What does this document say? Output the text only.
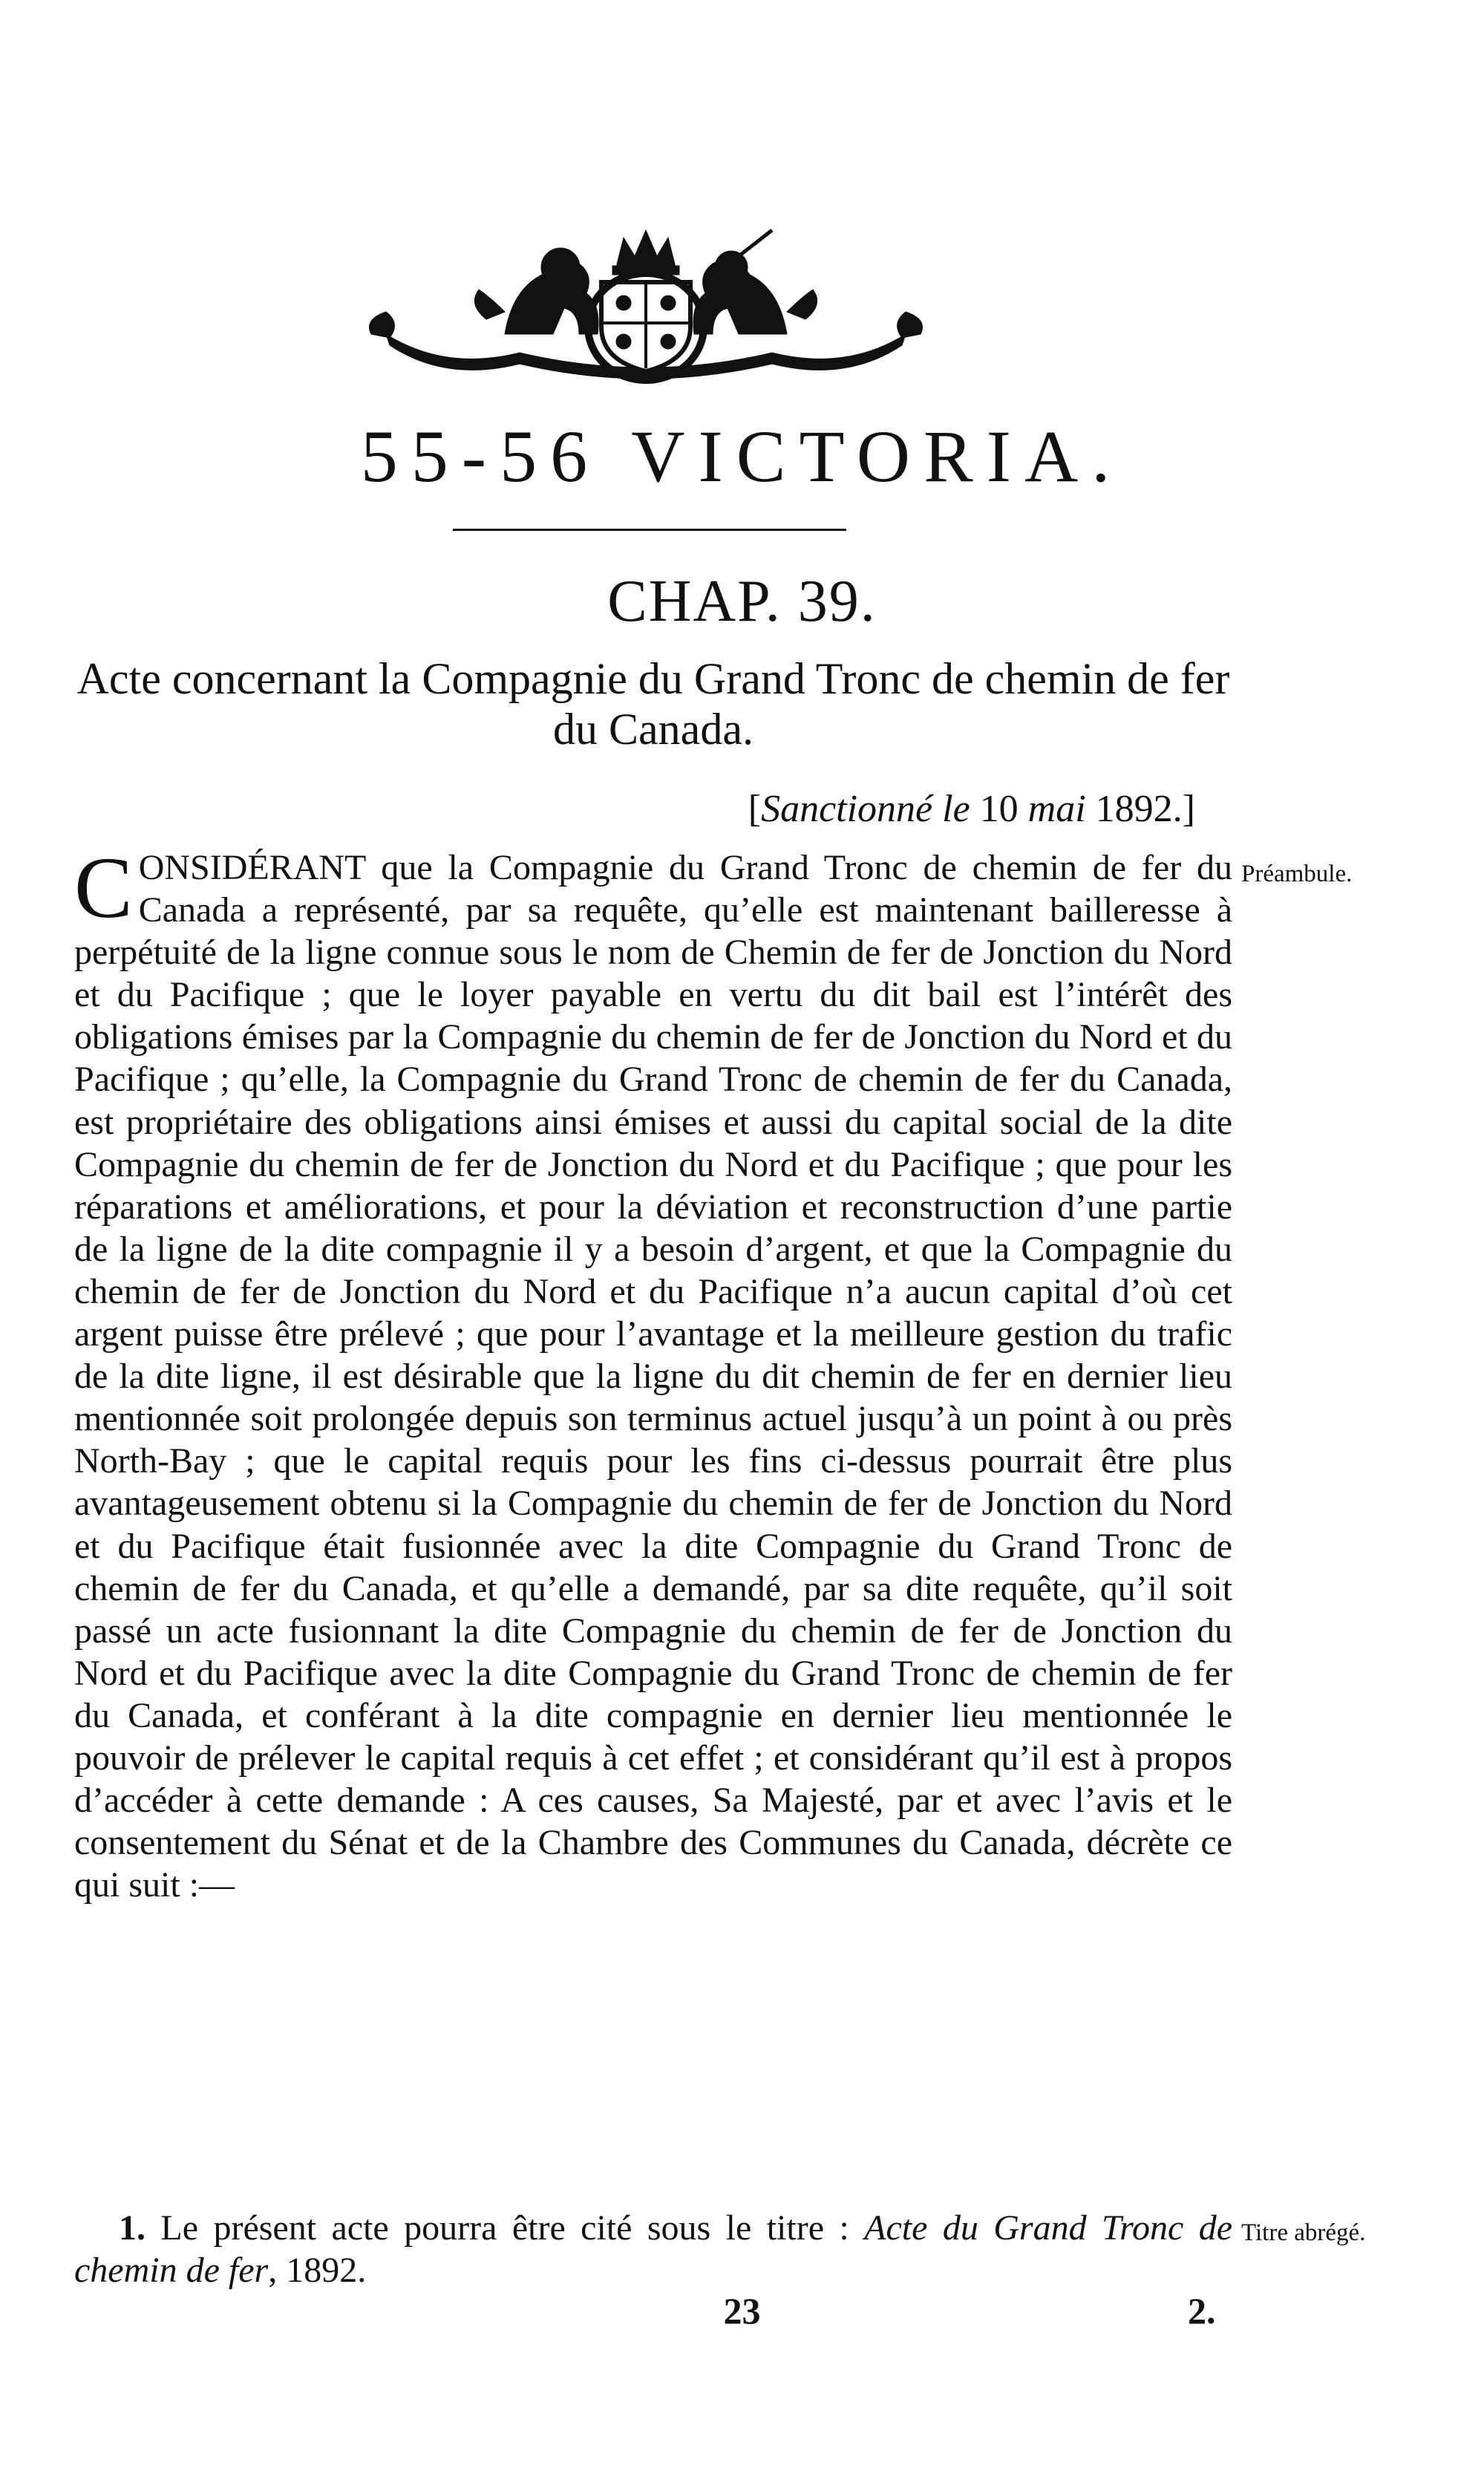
55-56 VICTORIA.
CHAP. 39.
Acte concernant la Compagnie du Grand Tronc de chemin de fer du Canada.
[Sanctionné le 10 mai 1892.]

CONSIDÉRANT que la Compagnie du Grand Tronc de chemin de fer du Canada a représenté, par sa requête, qu’elle est maintenant bailleresse à perpétuité de la ligne connue sous le nom de Chemin de fer de Jonction du Nord et du Pacifique ; que le loyer payable en vertu du dit bail est l’intérêt des obligations émises par la Compagnie du chemin de fer de Jonction du Nord et du Pacifique ; qu’elle, la Compagnie du Grand Tronc de chemin de fer du Canada, est propriétaire des obligations ainsi émises et aussi du capital social de la dite Compagnie du chemin de fer de Jonction du Nord et du Pacifique ; que pour les réparations et améliorations, et pour la déviation et reconstruction d’une partie de la ligne de la dite compagnie il y a besoin d’argent, et que la Compagnie du chemin de fer de Jonction du Nord et du Pacifique n’a aucun capital d’où cet argent puisse être prélevé ; que pour l’avantage et la meilleure gestion du trafic de la dite ligne, il est désirable que la ligne du dit chemin de fer en dernier lieu mentionnée soit prolongée depuis son terminus actuel jusqu’à un point à ou près North-Bay ; que le capital requis pour les fins ci-dessus pourrait être plus avantageusement obtenu si la Compagnie du chemin de fer de Jonction du Nord et du Pacifique était fusionnée avec la dite Compagnie du Grand Tronc de chemin de fer du Canada, et qu’elle a demandé, par sa dite requête, qu’il soit passé un acte fusionnant la dite Compagnie du chemin de fer de Jonction du Nord et du Pacifique avec la dite Compagnie du Grand Tronc de chemin de fer du Canada, et conférant à la dite compagnie en dernier lieu mentionnée le pouvoir de prélever le capital requis à cet effet ; et considérant qu’il est à propos d’accéder à cette demande : A ces causes, Sa Majesté, par et avec l’avis et le consentement du Sénat et de la Chambre des Communes du Canada, décrète ce qui suit :—

Préambule.

1. Le présent acte pourra être cité sous le titre : Acte du Grand Tronc de chemin de fer, 1892.

Titre abrégé.
23	2.
